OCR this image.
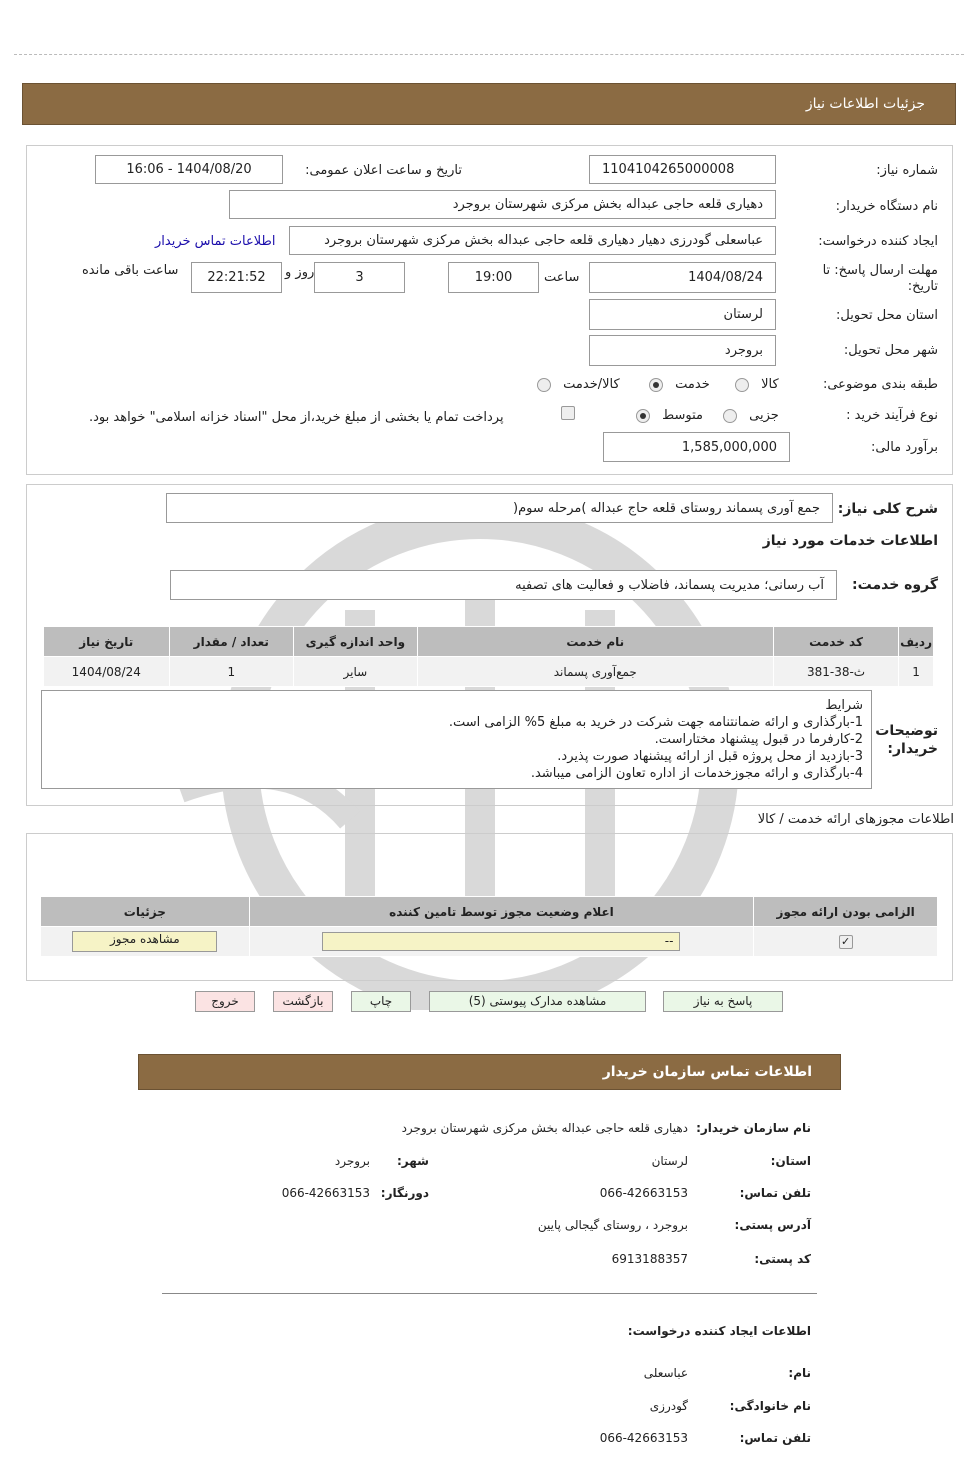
جزئیات اطلاعات نیاز
شماره نیاز:
1104104265000008
تاریخ و ساعت اعلان عمومی:
1404/08/20 - 16:06
نام دستگاه خریدار:
دهیاری قلعه حاجی عبداله بخش مرکزی شهرستان بروجرد
ایجاد کننده درخواست:
عباسعلی گودرزی دهیار دهیاری قلعه حاجی عبداله بخش مرکزی شهرستان بروجرد
اطلاعات تماس خریدار
مهلت ارسال پاسخ: تا تاریخ:
1404/08/24
ساعت
19:00
3
روز و
22:21:52
ساعت باقی مانده
استان محل تحویل:
لرستان
شهر محل تحویل:
بروجرد
طبقه بندی موضوعی:
کالا
خدمت
کالا/خدمت
نوع فرآیند خرید :
جزیی
متوسط
پرداخت تمام یا بخشی از مبلغ خرید،از محل "اسناد خزانه اسلامی" خواهد بود.
برآورد مالی:
1,585,000,000
شرح کلی نیاز:
جمع آوری پسماند روستای قلعه حاج عبداله )مرحله سوم(
اطلاعات خدمات مورد نیاز
گروه خدمت:
آب رسانی؛ مدیریت پسماند، فاضلاب و فعالیت های تصفیه
ردیف	کد خدمت	نام خدمت	واحد اندازه گیری	تعداد / مقدار	تاریخ نیاز
1	ث-38-381	جمع‌آوری پسماند	سایر	1	1404/08/24
توضیحات خریدار:
شرایط
1-بارگذاری و ارائه ضمانتنامه جهت شرکت در خرید به مبلغ 5% الزامی است.
2-کارفرما در قبول پیشنهاد مختاراست.
3-بازدید از محل پروژه قبل از ارائه پیشنهاد صورت پذیرد.
4-بارگذاری و ارائه مجوزخدمات از اداره تعاون الزامی میباشد.
اطلاعات مجوزهای ارائه خدمت / کالا
الزامی بودن ارائه مجوز	اعلام وضعیت مجوز توسط تامین کننده	جزئیات
✓	--	مشاهده مجوز
پاسخ به نیاز
مشاهده مدارک پیوستی (5)
چاپ
بازگشت
خروج
اطلاعات تماس سازمان خریدار
نام سازمان خریدار:
دهیاری قلعه حاجی عبداله بخش مرکزی شهرستان بروجرد
استان:
لرستان
شهر:
بروجرد
تلفن تماس:
066-42663153
دورنگار:
066-42663153
آدرس پستی:
بروجرد ، روستای گیجالی پایین
کد پستی:
6913188357
اطلاعات ایجاد کننده درخواست:
نام:
عباسعلی
نام خانوادگی:
گودرزی
تلفن تماس:
066-42663153
